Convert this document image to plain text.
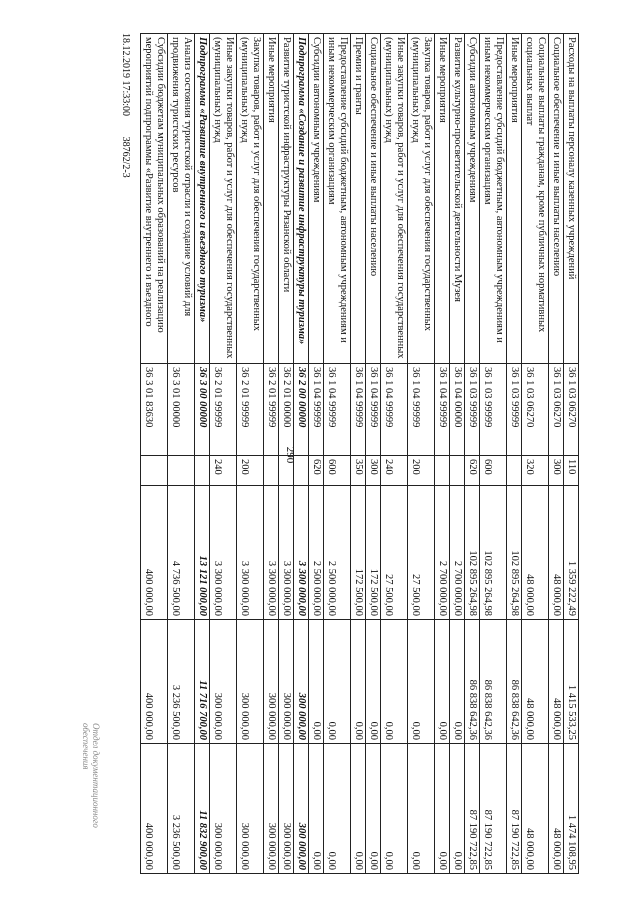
290
Расходы на выплаты персоналу казенных учреждений	36 1 03 06270	110	1 359 222,49	1 415 533,25	1 474 108,95
Социальное обеспечение и иные выплаты населению	36 1 03 06270	300	48 000,00	48 000,00	48 000,00
Социальные выплаты гражданам, кроме публичных нормативных социальных выплат	36 1 03 06270	320	48 000,00	48 000,00	48 000,00
Иные мероприятия	36 1 03 99999		102 895 264,98	86 838 642,36	87 190 722,85
Предоставление субсидий бюджетным, автономным учреждениям и иным некоммерческим организациям	36 1 03 99999	600	102 895 264,98	86 838 642,36	87 190 722,85
Субсидии автономным учреждениям	36 1 03 99999	620	102 895 264,98	86 838 642,36	87 190 722,85
Развитие культурно-просветительской деятельности Музея	36 1 04 00000		2 700 000,00	0,00	0,00
Иные мероприятия	36 1 04 99999		2 700 000,00	0,00	0,00
Закупка товаров, работ и услуг для обеспечения государственных (муниципальных) нужд	36 1 04 99999	200	27 500,00	0,00	0,00
Иные закупки товаров, работ и услуг для обеспечения государственных (муниципальных) нужд	36 1 04 99999	240	27 500,00	0,00	0,00
Социальное обеспечение и иные выплаты населению	36 1 04 99999	300	172 500,00	0,00	0,00
Премии и гранты	36 1 04 99999	350	172 500,00	0,00	0,00
Предоставление субсидий бюджетным, автономным учреждениям и иным некоммерческим организациям	36 1 04 99999	600	2 500 000,00	0,00	0,00
Субсидии автономным учреждениям	36 1 04 99999	620	2 500 000,00	0,00	0,00
Подпрограмма «Создание и развитие инфраструктуры туризма»	36 2 00 00000		3 300 000,00	300 000,00	300 000,00
Развитие туристской инфраструктуры Рязанской области	36 2 01 00000		3 300 000,00	300 000,00	300 000,00
Иные мероприятия	36 2 01 99999		3 300 000,00	300 000,00	300 000,00
Закупка товаров, работ и услуг для обеспечения государственных (муниципальных) нужд	36 2 01 99999	200	3 300 000,00	300 000,00	300 000,00
Иные закупки товаров, работ и услуг для обеспечения государственных (муниципальных) нужд	36 2 01 99999	240	3 300 000,00	300 000,00	300 000,00
Подпрограмма «Развитие внутреннего и въездного туризма»	36 3 00 00000		13 121 000,00	11 716 700,00	11 832 900,00
Анализ состояния туристской отрасли и создание условий для продвижения туристских ресурсов	36 3 01 00000		4 736 500,00	3 236 500,00	3 236 500,00
Субсидии бюджетам муниципальных образований на реализацию мероприятий подпрограммы «Развитие внутреннего и въездного	36 3 01 83630		400 000,00	400 000,00	400 000,00
18.12.2019 17:33:00 38762/2-3
Отдел документационного обеспечения
